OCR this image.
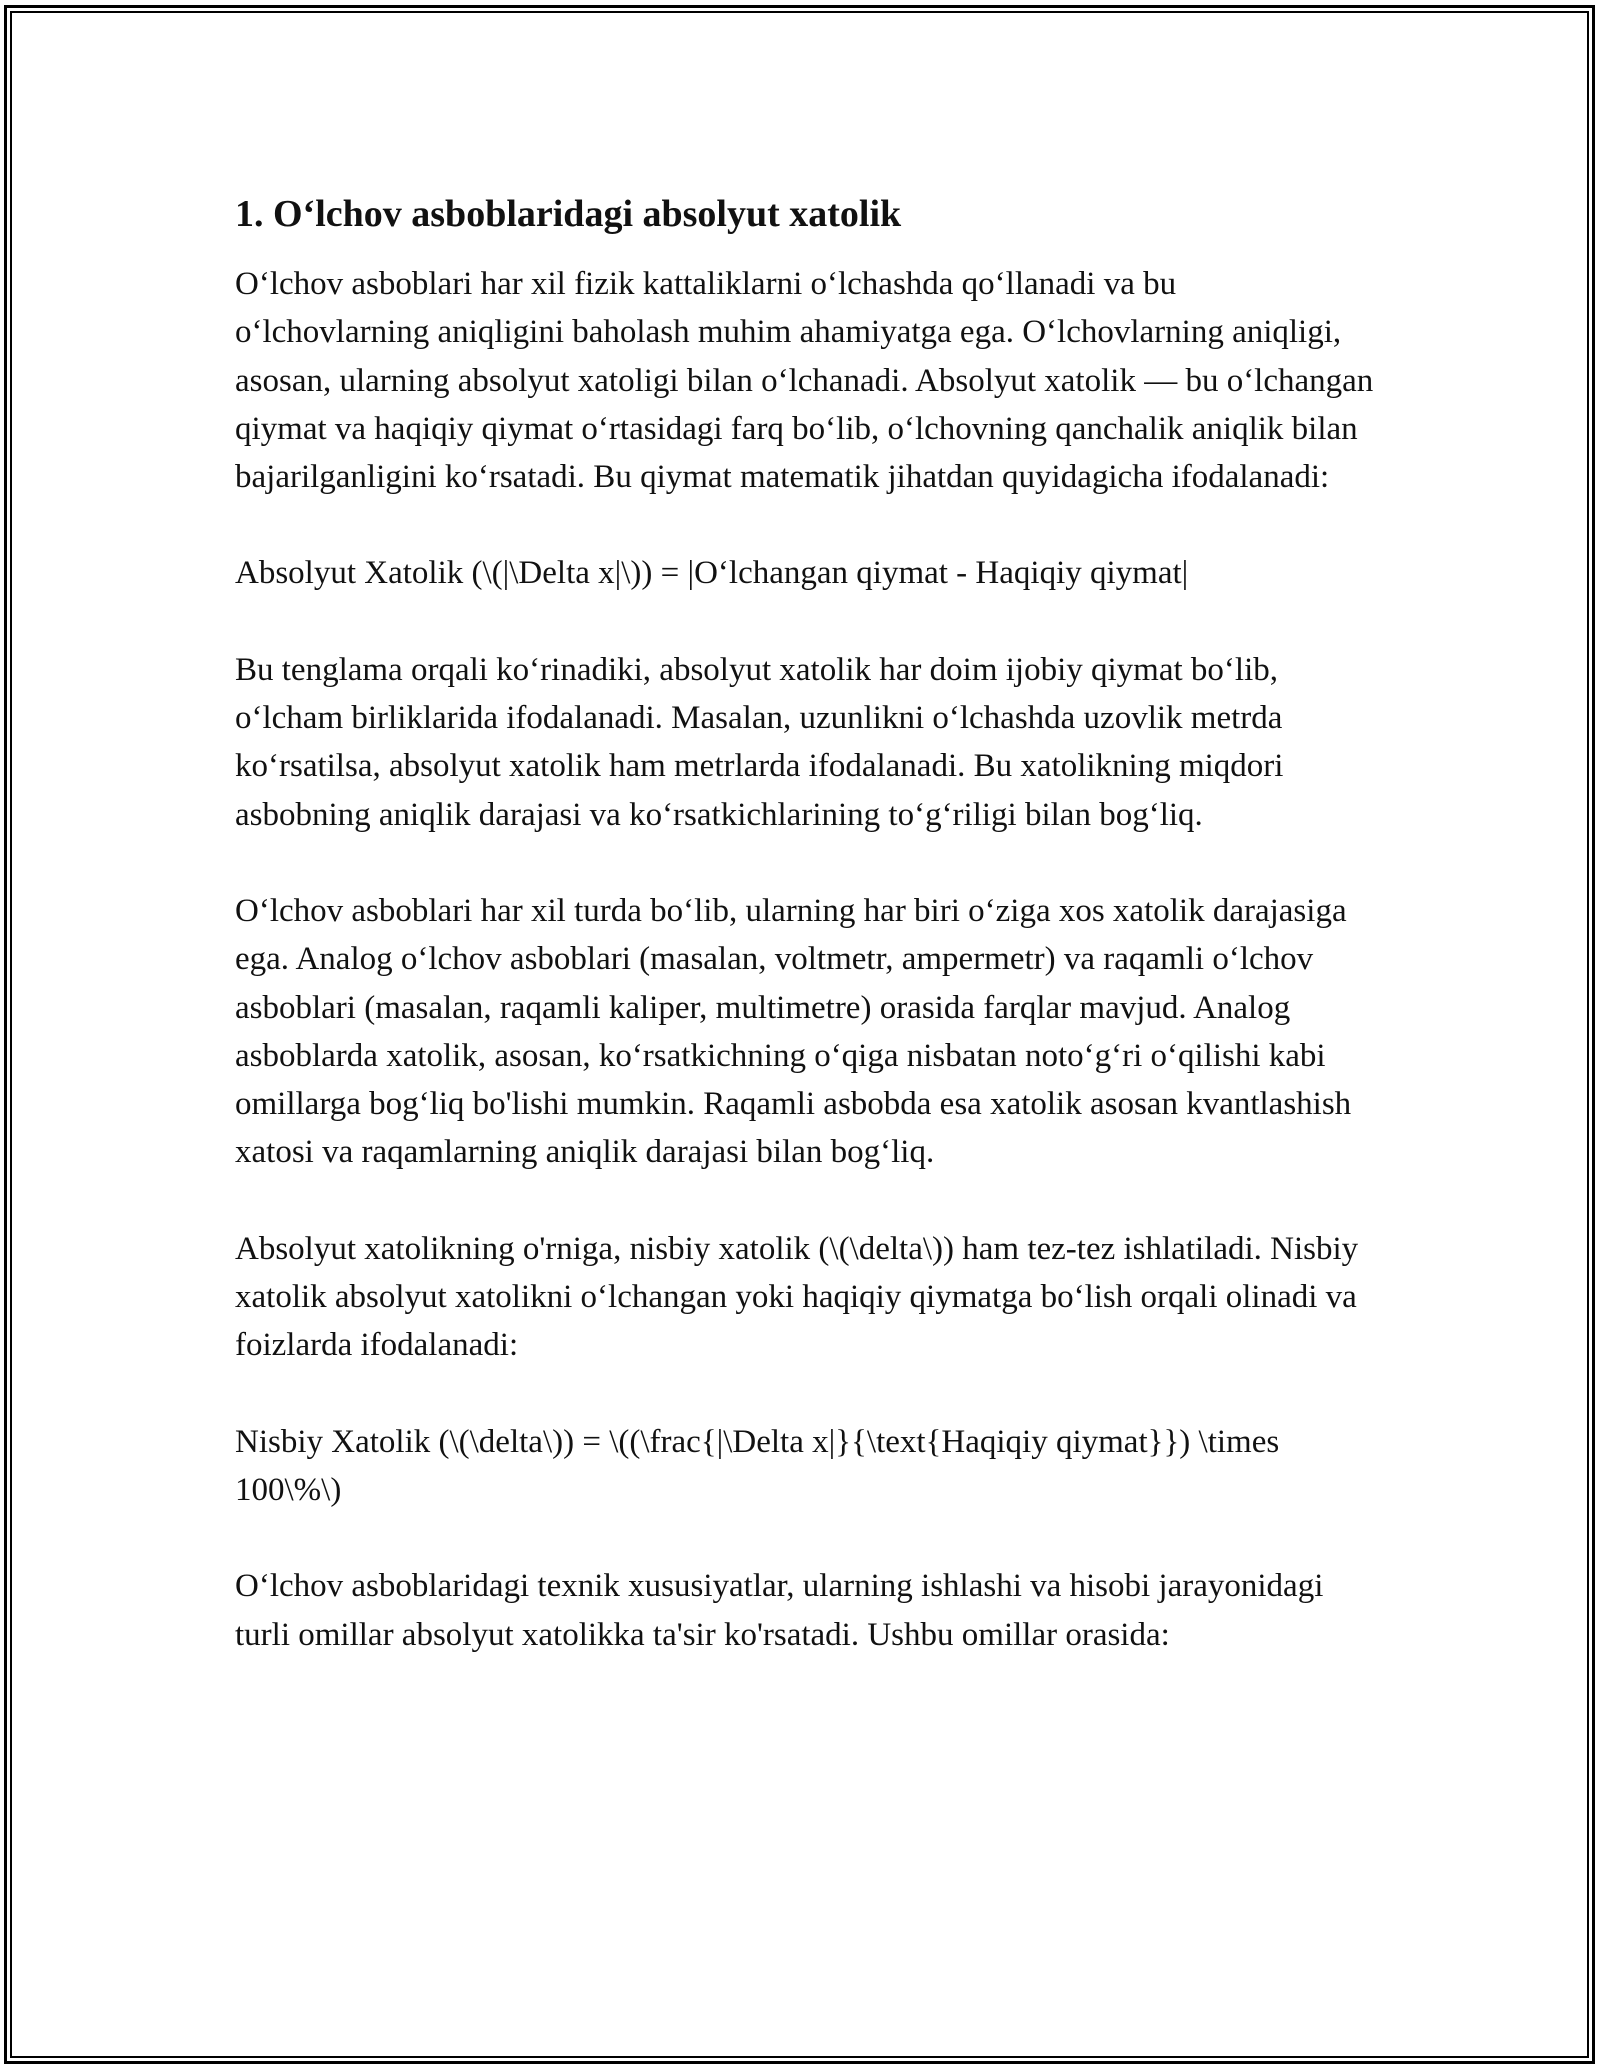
1. O‘lchov asboblaridagi absolyut xatolik

O‘lchov asboblari har xil fizik kattaliklarni o‘lchashda qo‘llanadi va bu o‘lchovlarning aniqligini baholash muhim ahamiyatga ega. O‘lchovlarning aniqligi, asosan, ularning absolyut xatoligi bilan o‘lchanadi. Absolyut xatolik — bu o‘lchangan qiymat va haqiqiy qiymat o‘rtasidagi farq bo‘lib, o‘lchovning qanchalik aniqlik bilan bajarilganligini ko‘rsatadi. Bu qiymat matematik jihatdan quyidagicha ifodalanadi:

Absolyut Xatolik (\(|\Delta x|\)) = |O‘lchangan qiymat - Haqiqiy qiymat|

Bu tenglama orqali ko‘rinadiki, absolyut xatolik har doim ijobiy qiymat bo‘lib, o‘lcham birliklarida ifodalanadi. Masalan, uzunlikni o‘lchashda uzovlik metrda ko‘rsatilsa, absolyut xatolik ham metrlarda ifodalanadi. Bu xatolikning miqdori asbobning aniqlik darajasi va ko‘rsatkichlarining to‘g‘riligi bilan bog‘liq.

O‘lchov asboblari har xil turda bo‘lib, ularning har biri o‘ziga xos xatolik darajasiga ega. Analog o‘lchov asboblari (masalan, voltmetr, ampermetr) va raqamli o‘lchov asboblari (masalan, raqamli kaliper, multimetre) orasida farqlar mavjud. Analog asboblarda xatolik, asosan, ko‘rsatkichning o‘qiga nisbatan noto‘g‘ri o‘qilishi kabi omillarga bog‘liq bo'lishi mumkin. Raqamli asbobda esa xatolik asosan kvantlashish xatosi va raqamlarning aniqlik darajasi bilan bog‘liq.

Absolyut xatolikning o'rniga, nisbiy xatolik (\(\delta\)) ham tez-tez ishlatiladi. Nisbiy xatolik absolyut xatolikni o‘lchangan yoki haqiqiy qiymatga bo‘lish orqali olinadi va foizlarda ifodalanadi:

Nisbiy Xatolik (\(\delta\)) = \((\frac{|\Delta x|}{\text{Haqiqiy qiymat}}) \times 100\%\)

O‘lchov asboblaridagi texnik xususiyatlar, ularning ishlashi va hisobi jarayonidagi turli omillar absolyut xatolikka ta'sir ko'rsatadi. Ushbu omillar orasida:
